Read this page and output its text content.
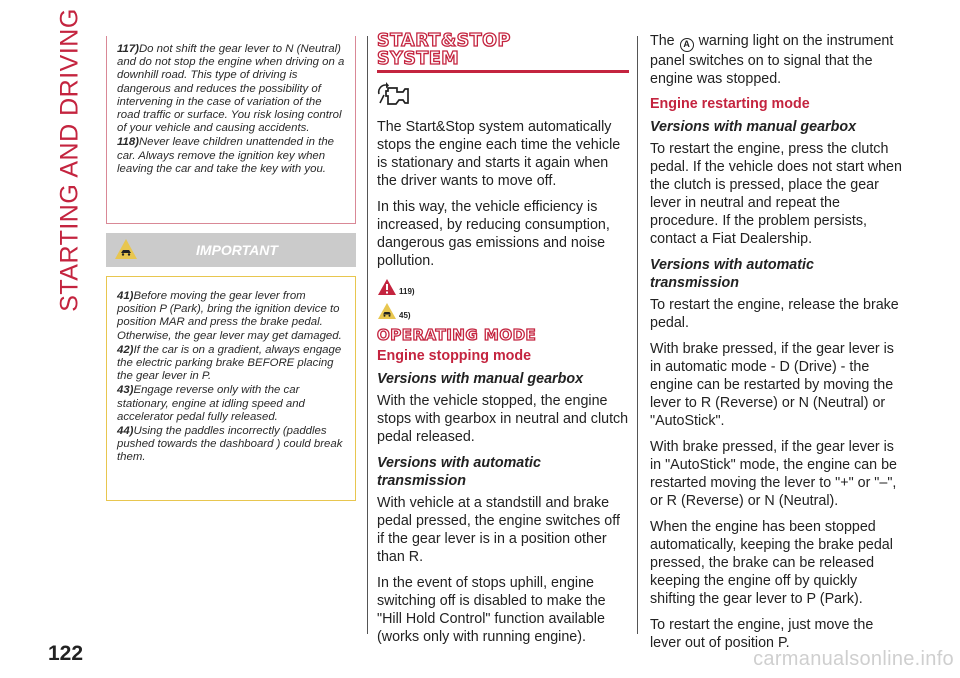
STARTING AND DRIVING	117)Do not shift the gear lever to N (Neutral) and do not stop the engine when driving on a downhill road. This type of driving is dangerous and reduces the possibility of intervening in the case of variation of the road traffic or surface. You risk losing control of your vehicle and causing accidents.

118)Never leave children unattended in the car. Always remove the ignition key when leaving the car and take the key with you.

IMPORTANT

41)Before moving the gear lever from position P (Park), bring the ignition device to position MAR and press the brake pedal. Otherwise, the gear lever may get damaged.

42)If the car is on a gradient, always engage the electric parking brake BEFORE placing the gear lever in P.

43)Engage reverse only with the car stationary, engine at idling speed and accelerator pedal fully released.

44)Using the paddles incorrectly (paddles pushed towards the dashboard ) could break them.

START&STOP
SYSTEM

The Start&Stop system automatically stops the engine each time the vehicle is stationary and starts it again when the driver wants to move off.

In this way, the vehicle efficiency is increased, by reducing consumption, dangerous gas emissions and noise pollution.

119)
45)
OPERATING MODE
Engine stopping mode
Versions with manual gearbox

With the vehicle stopped, the engine stops with gearbox in neutral and clutch pedal released.

Versions with automatic transmission

With vehicle at a standstill and brake pedal pressed, the engine switches off if the gear lever is in a position other than R.

In the event of stops uphill, engine switching off is disabled to make the "Hill Hold Control" function available (works only with running engine).

The A warning light on the instrument panel switches on to signal that the engine was stopped.

Engine restarting mode
Versions with manual gearbox

To restart the engine, press the clutch pedal. If the vehicle does not start when the clutch is pressed, place the gear lever in neutral and repeat the procedure. If the problem persists, contact a Fiat Dealership.

Versions with automatic transmission

To restart the engine, release the brake pedal.

With brake pressed, if the gear lever is in automatic mode - D (Drive) - the engine can be restarted by moving the lever to R (Reverse) or N (Neutral) or "AutoStick".

With brake pressed, if the gear lever is in "AutoStick" mode, the engine can be restarted moving the lever to "+" or "–", or R (Reverse) or N (Neutral).

When the engine has been stopped automatically, keeping the brake pedal pressed, the brake can be released keeping the engine off by quickly shifting the gear lever to P (Park).

To restart the engine, just move the lever out of position P.

122	carmanualsonline.info
